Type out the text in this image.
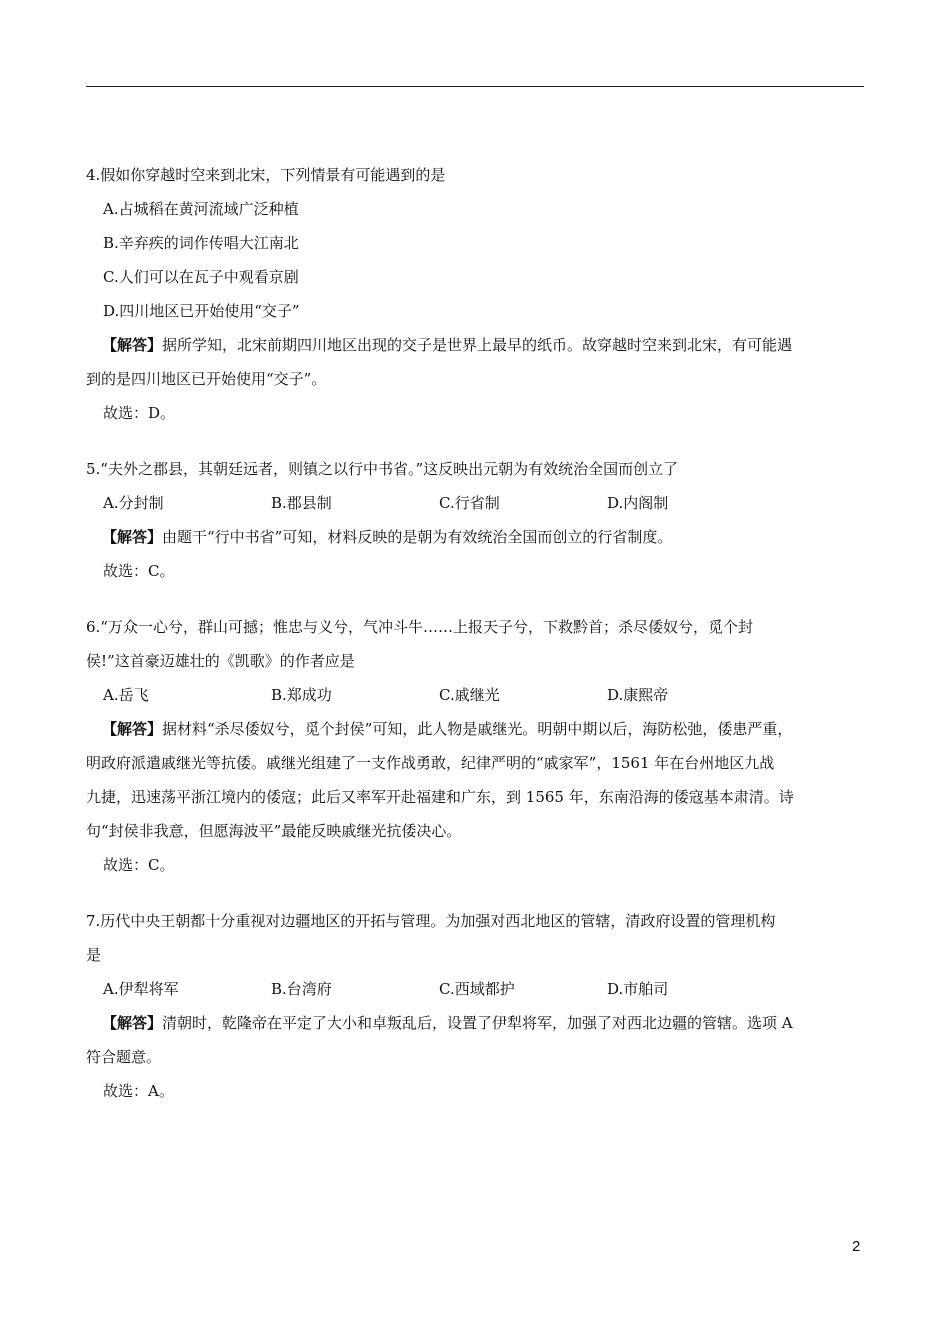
4.假如你穿越时空来到北宋，下列情景有可能遇到的是

A.占城稻在黄河流域广泛种植

B.辛弃疾的词作传唱大江南北

C.人们可以在瓦子中观看京剧

D.四川地区已开始使用“交子”

【解答】据所学知，北宋前期四川地区出现的交子是世界上最早的纸币。故穿越时空来到北宋，有可能遇

到的是四川地区已开始使用“交子”。

故选：D。

5.“夫外之郡县，其朝廷远者，则镇之以行中书省。”这反映出元朝为有效统治全国而创立了

A.分封制	B.郡县制	C.行省制	D.内阁制

【解答】由题干“行中书省”可知，材料反映的是朝为有效统治全国而创立的行省制度。

故选：C。

6.“万众一心兮，群山可撼；惟忠与义兮，气冲斗牛……上报天子兮，下救黔首；杀尽倭奴兮，觅个封

侯!”这首豪迈雄壮的《凯歌》的作者应是

A.岳飞	B.郑成功	C.戚继光	D.康熙帝

【解答】据材料“杀尽倭奴兮，觅个封侯”可知，此人物是戚继光。明朝中期以后，海防松弛，倭患严重，

明政府派遣戚继光等抗倭。戚继光组建了一支作战勇敢，纪律严明的“戚家军”，1561 年在台州地区九战

九捷，迅速荡平浙江境内的倭寇；此后又率军开赴福建和广东，到 1565 年，东南沿海的倭寇基本肃清。诗

句“封侯非我意，但愿海波平”最能反映戚继光抗倭决心。

故选：C。

7.历代中央王朝都十分重视对边疆地区的开拓与管理。为加强对西北地区的管辖，清政府设置的管理机构

是

A.伊犁将军	B.台湾府	C.西域都护	D.市舶司

【解答】清朝时，乾隆帝在平定了大小和卓叛乱后，设置了伊犁将军，加强了对西北边疆的管辖。选项 A

符合题意。

故选：A。

2
